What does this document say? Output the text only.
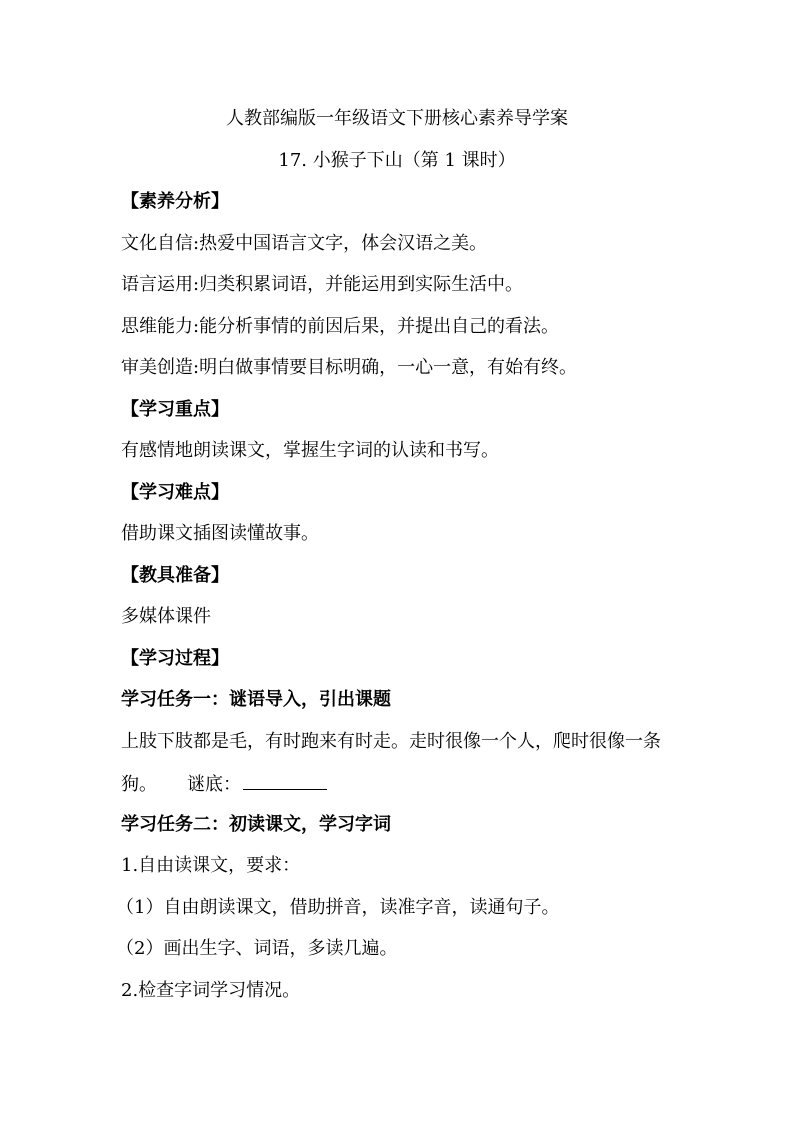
人教部编版一年级语文下册核心素养导学案
17. 小猴子下山（第 1 课时）
【素养分析】
文化自信:热爱中国语言文字，体会汉语之美。
语言运用:归类积累词语，并能运用到实际生活中。
思维能力:能分析事情的前因后果，并提出自己的看法。
审美创造:明白做事情要目标明确，一心一意，有始有终。
【学习重点】
有感情地朗读课文，掌握生字词的认读和书写。
【学习难点】
借助课文插图读懂故事。
【教具准备】
多媒体课件
【学习过程】
学习任务一：谜语导入，引出课题
上肢下肢都是毛，有时跑来有时走。走时很像一个人，爬时很像一条
狗。 谜底：
学习任务二：初读课文，学习字词
1.自由读课文，要求：
（1）自由朗读课文，借助拼音，读准字音，读通句子。
（2）画出生字、词语，多读几遍。
2.检查字词学习情况。
